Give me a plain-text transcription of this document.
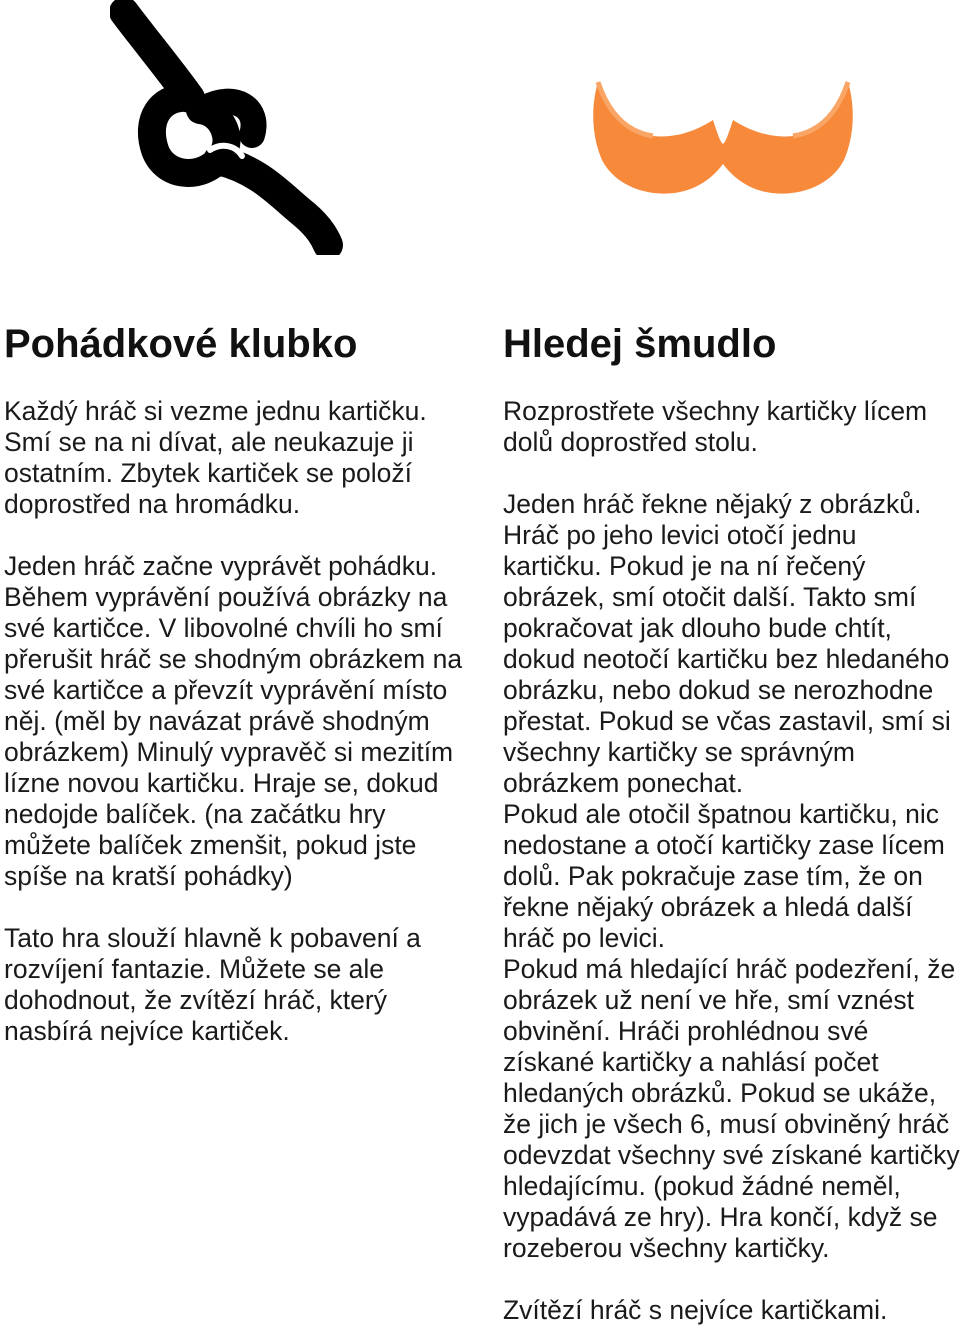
Pohádkové klubko

Každý hráč si vezme jednu kartičku. Smí se na ni dívat, ale neukazuje ji ostatním. Zbytek kartiček se položí doprostřed na hromádku.

Jeden hráč začne vyprávět pohádku. Během vyprávění používá obrázky na své kartičce. V libovolné chvíli ho smí přerušit hráč se shodným obrázkem na své kartičce a převzít vyprávění místo něj. (měl by navázat právě shodným obrázkem) Minulý vypravěč si mezitím lízne novou kartičku. Hraje se, dokud nedojde balíček. (na začátku hry můžete balíček zmenšit, pokud jste spíše na kratší pohádky)

Tato hra slouží hlavně k pobavení a rozvíjení fantazie. Můžete se ale dohodnout, že zvítězí hráč, který nasbírá nejvíce kartiček.

Hledej šmudlo

Rozprostřete všechny kartičky lícem dolů doprostřed stolu.

Jeden hráč řekne nějaký z obrázků. Hráč po jeho levici otočí jednu kartičku. Pokud je na ní řečený obrázek, smí otočit další. Takto smí pokračovat jak dlouho bude chtít, dokud neotočí kartičku bez hledaného obrázku, nebo dokud se nerozhodne přestat. Pokud se včas zastavil, smí si všechny kartičky se správným obrázkem ponechat.

Pokud ale otočil špatnou kartičku, nic nedostane a otočí kartičky zase lícem dolů. Pak pokračuje zase tím, že on řekne nějaký obrázek a hledá další hráč po levici.

Pokud má hledající hráč podezření, že obrázek už není ve hře, smí vznést obvinění. Hráči prohlédnou své získané kartičky a nahlásí počet hledaných obrázků. Pokud se ukáže, že jich je všech 6, musí obviněný hráč odevzdat všechny své získané kartičky hledajícímu. (pokud žádné neměl, vypadává ze hry). Hra končí, když se rozeberou všechny kartičky.

Zvítězí hráč s nejvíce kartičkami.
